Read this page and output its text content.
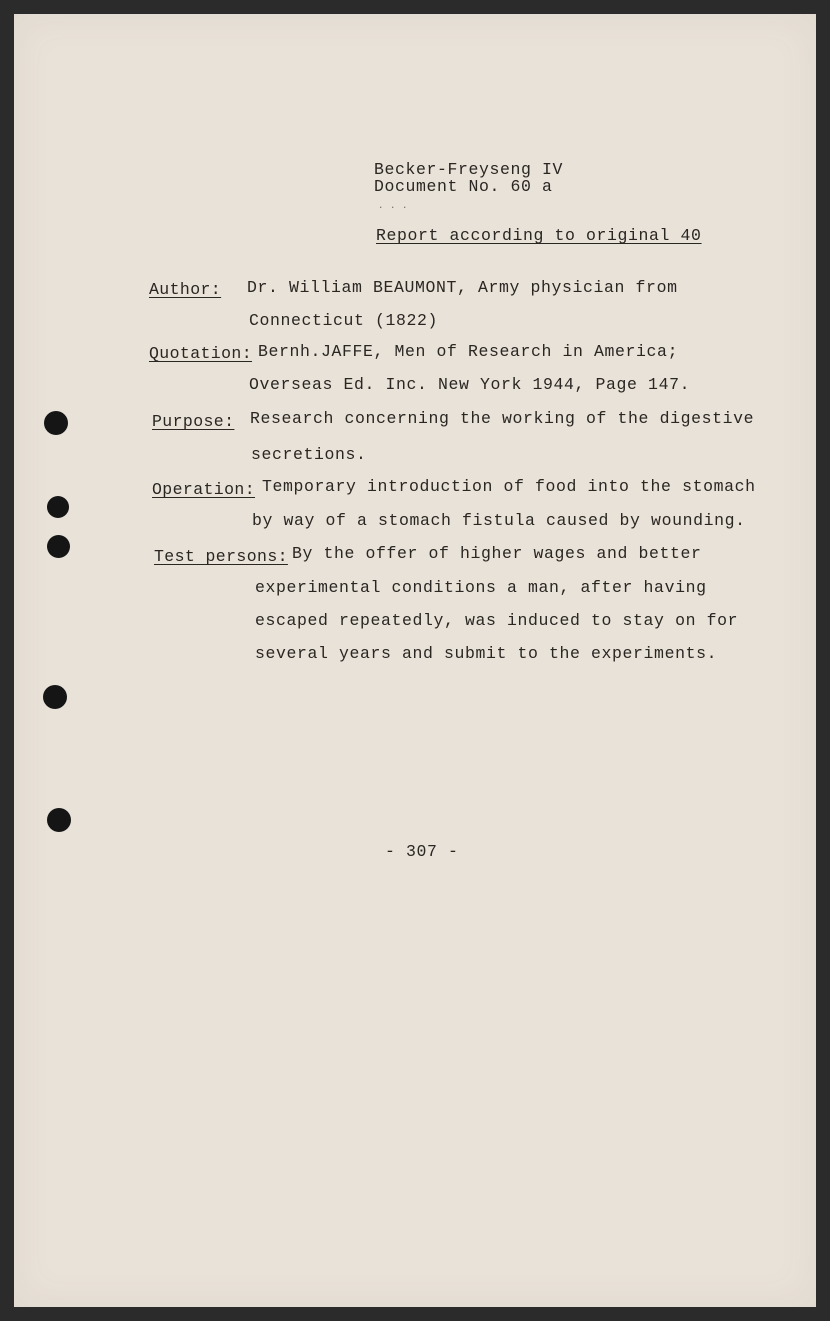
Becker-Freyseng IV
Document No. 60 a
· · ·
Report according to original 40
Author: Dr. William BEAUMONT, Army physician from
Connecticut (1822)
Quotation: Bernh.JAFFE, Men of Research in America;
Overseas Ed. Inc. New York 1944, Page 147.
Purpose: Research concerning the working of the digestive
secretions.
Operation: Temporary introduction of food into the stomach
by way of a stomach fistula caused by wounding.
Test persons: By the offer of higher wages and better
experimental conditions a man, after having
escaped repeatedly, was induced to stay on for
several years and submit to the experiments.
- 307 -
